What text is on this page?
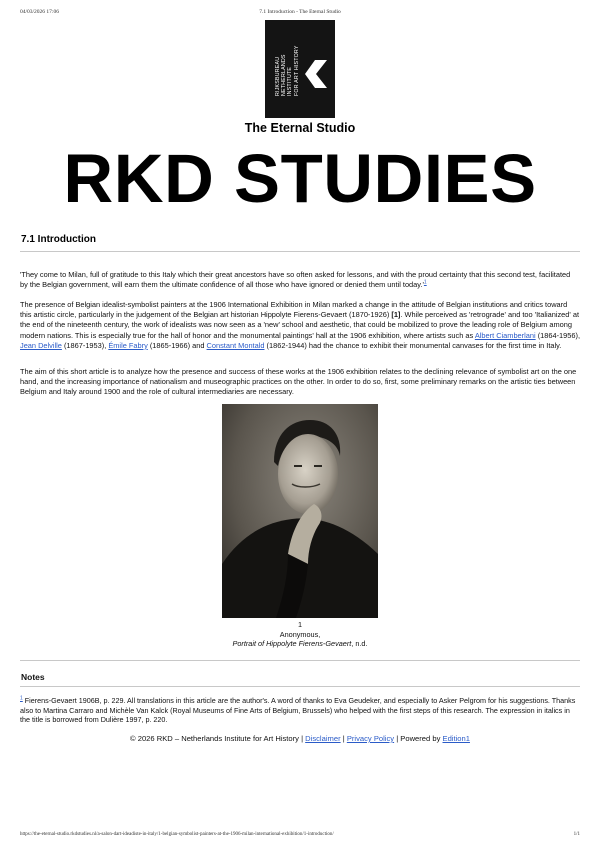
04/03/2026 17:06	7.1 Introduction - The Eternal Studio
RIJKSBUREAU NETHERLANDS INSTITUTE FOR ART HISTORY
The Eternal Studio
RKD STUDIES
7.1 Introduction

'They come to Milan, full of gratitude to this Italy which their great ancestors have so often asked for lessons, and with the proud certainty that this second test, facilitated by the Belgian government, will earn them the ultimate confidence of all those who have ignored or denied them until today.'$^1$

The presence of Belgian idealist-symbolist painters at the 1906 International Exhibition in Milan marked a change in the attitude of Belgian institutions and critics toward this artistic circle, particularly in the judgement of the Belgian art historian Hippolyte Fierens-Gevaert (1870-1926) [1]. While perceived as 'retrograde' and too 'Italianized' at the end of the nineteenth century, the work of idealists was now seen as a 'new' school and aesthetic, that could be mobilized to prove the leading role of Belgium among modern nations. This is especially true for the hall of honor and the monumental paintings' hall at the 1906 exhibition, where artists such as Albert Ciamberlani (1864-1956), Jean Delville (1867-1953), Émile Fabry (1865-1966) and Constant Montald (1862-1944) had the chance to exhibit their monumental canvases for the first time in Italy.

The aim of this short article is to analyze how the presence and success of these works at the 1906 exhibition relates to the declining relevance of symbolist art on the one hand, and the increasing importance of nationalism and museographic practices on the other. In order to do so, first, some preliminary remarks on the artistic ties between Belgium and Italy around 1900 and the role of cultural intermediaries are necessary.

1
Anonymous,
Portrait of Hippolyte Fierens-Gevaert, n.d.
Notes

$^1$ Fierens-Gevaert 1906B, p. 229. All translations in this article are the author's. A word of thanks to Eva Geudeker, and especially to Asker Pelgrom for his suggestions. Thanks also to Martina Carraro and Michèle Van Kalck (Royal Museums of Fine Arts of Belgium, Brussels) who helped with the first steps of this research. The expression in italics in the title is borrowed from Dulière 1997, p. 220.

© 2026 RKD – Netherlands Institute for Art History | Disclaimer | Privacy Policy | Powered by Edition1
https://the-eternal-studio.rkdstudies.nl/a-salon-dart-ideadiste-in-italy/1-belgian-symbolist-painters-at-the-1906-milan-international-exhibition/1-introduction/	1/1
